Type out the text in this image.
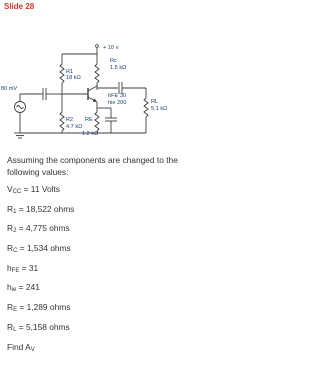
Slide 28
+ 10 v
R1
18 kΩ
Rc
1.5 kΩ
hFE 30
hie 200	RL
5.1 kΩ
R2
4.7 kΩ
RE
1.2 kΩ
80 mV

Assuming the components are changed to the following values:

$V_{CC} = 11$ Volts

$R_1 = 18,522$ ohms

$R_2 = 4,775$ ohms

$R_C = 1,534$ ohms

$h_{FE} = 31$

$h_{ie} = 241$

$R_E = 1,289$ ohms

$R_L = 5,158$ ohms

Find $A_V$
